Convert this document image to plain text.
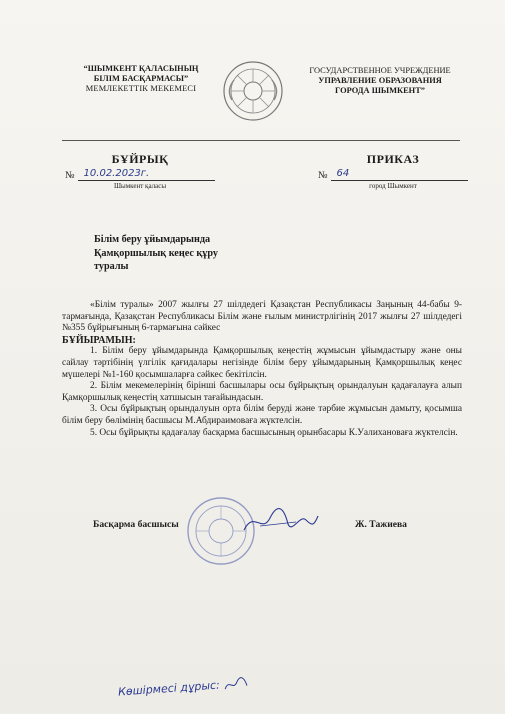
“ШЫМКЕНТ ҚАЛАСЫНЫҢ
БІЛІМ БАСҚАРМАСЫ”
МЕМЛЕКЕТТІК МЕКЕМЕСІ
ГОСУДАРСТВЕННОЕ УЧРЕЖДЕНИЕ
УПРАВЛЕНИЕ ОБРАЗОВАНИЯ
ГОРОДА ШЫМКЕНТ”
БҰЙРЫҚ
№ 10.02.2023г.
Шымкент қаласы
ПРИКАЗ
№ 64
город Шымкент
Білім беру ұйымдарында
Қамқоршылық кеңес құру
туралы

«Білім туралы» 2007 жылғы 27 шілдедегі Қазақстан Республикасы Заңының 44-бабы 9-тармағында, Қазақстан Республикасы Білім және ғылым министрлігінің 2017 жылғы 27 шілдедегі №355 бұйрығының 6-тармағына сәйкес

БҰЙЫРАМЫН:

1. Білім беру ұйымдарында Қамқоршылық кеңестің жұмысын ұйымдастыру және оны сайлау тәртібінің үлгілік қағидалары негізінде білім беру ұйымдарының Қамқоршылық кеңес мүшелері №1-160 қосымшаларға сәйкес бекітілсін.

2. Білім мекемелерінің бірінші басшылары осы бұйрықтың орындалуын қадағалауға алып Қамқоршылық кеңестің хатшысын тағайындасын.

3. Осы бұйрықтың орындалуын орта білім беруді және тәрбие жұмысын дамыту, қосымша білім беру бөлімінің басшысы М.Абдираимоваға жүктелсін.

5. Осы бұйрықты қадағалау басқарма басшысының орынбасары К.Уалихановаға жүктелсін.

Басқарма басшысы	Ж. Тажиева
Көшірмесі дұрыс:
